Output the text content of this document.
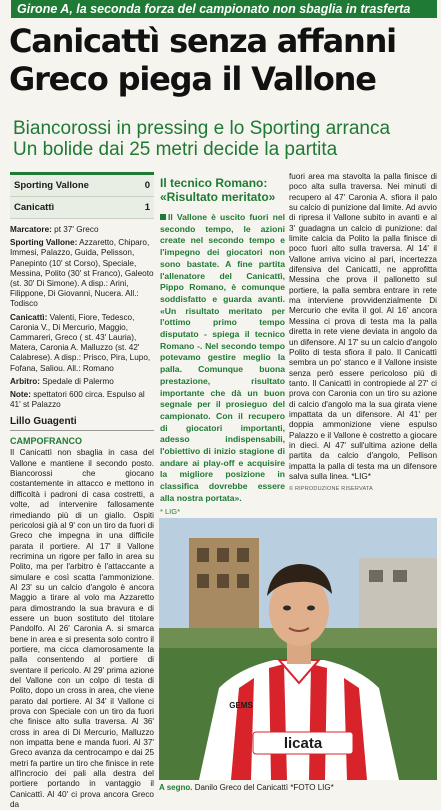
Girone A, la seconda forza del campionato non sbaglia in trasferta
Canicattì senza affanni
Greco piega il Vallone
Biancorossi in pressing e lo Sporting arranca
Un bolide dai 25 metri decide la partita
Sporting Vallone	0
Canicattì	1

Marcatore: pt 37' Greco

Sporting Vallone: Azzaretto, Chiparo, Immesi, Palazzo, Guida, Pelisson, Panepinto (10' st Corso), Speciale, Messina, Polito (30' st Franco), Galeoto (st. 30' Di Simone). A disp.: Arini, Filippone, Di Giovanni, Nucera. All.: Todisco

Canicattì: Valenti, Fiore, Tedesco, Caronia V., Di Mercurio, Maggio, Cammareri, Greco ( st. 43' Lauria), Matera, Caronia A. Malluzzo (st. 42' Calabrese). A disp.: Prisco, Pira, Lupo, Fofana, Saliou. All.: Romano

Arbitro: Spedale di Palermo

Note: spettatori 600 circa. Espulso al 41' st Palazzo

Lillo Guagenti
CAMPOFRANCO
Il Canicattì non sbaglia in casa del Vallone e mantiene il secondo posto. Biancorossi che giocano costantemente in attacco e mettono in difficoltà i padroni di casa costretti, a volte, ad intervenire fallosamente rimediando più di un giallo. Ospiti pericolosi già al 9' con un tiro da fuori di Greco che impegna in una difficile parata il portiere. Al 17' il Vallone recrimina un rigore per fallo in area su Polito, ma per l'arbitro è l'attaccante a simulare e così scatta l'ammonizione. Al 23' su un calcio d'angolo è ancora Maggio a tirare al volo ma Azzaretto para dimostrando la sua bravura e di essere un buon sostituto del titolare Pandolfo. Al 26' Caronia A. si smarca bene in area e si presenta solo contro il portiere, ma cicca clamorosamente la palla consentendo al portiere di sventare il pericolo. Al 29' prima azione del Vallone con un colpo di testa di Polito, dopo un cross in area, che viene parato dal portiere. Al 34' il Vallone ci prova con Speciale con un tiro da fuori che finisce alto sulla traversa. Al 36' cross in area di Di Mercurio, Malluzzo non impatta bene e manda fuori. Al 37' Greco avanza da centrocampo e dai 25 metri fa partire un tiro che finisce in rete all'incrocio dei pali alla destra del portiere portando in vantaggio il Canicattì. Al 40' ci prova ancora Greco da
Il tecnico Romano:
«Risultato meritato»
Il Vallone è uscito fuori nel secondo tempo, le azioni create nel secondo tempo e l'impegno dei giocatori non sono bastate. A fine partita l'allenatore del Canicattì, Pippo Romano, è comunque soddisfatto e guarda avanti. «Un risultato meritato per l'ottimo primo tempo disputato - spiega il tecnico Romano -. Nel secondo tempo potevamo gestire meglio la palla. Comunque buona prestazione, risultato importante che dà un buon segnale per il prosieguo del campionato. Con il recupero di giocatori importanti, adesso indispensabili, l'obiettivo di inizio stagione di andare ai play-off e acquisire la migliore posizione in classifica dovrebbe essere alla nostra portata».
* LIG*
fuori area ma stavolta la palla finisce di poco alta sulla traversa. Nei minuti di recupero al 47' Caronia A. sfiora il palo su calcio di punizione dal limite. Ad avvio di ripresa il Vallone subito in avanti e al 3' guadagna un calcio di punizione: dal limite calcia da Polito la palla finisce di poco fuori alto sulla traversa. Al 14' il Vallone arriva vicino al pari, incertezza difensiva del Canicattì, ne approfitta Messina che prova il pallonetto sul portiere, la palla sembra entrare in rete ma interviene provvidenzialmente Di Mercurio che evita il gol. Al 16' ancora Messina ci prova di testa ma la palla diretta in rete viene deviata in angolo da un difensore. Al 17' su un calcio d'angolo Polito di testa sfiora il palo. Il Canicattì sembra un po' stanco e il Vallone insiste senza però essere pericoloso più di tanto. Il Canicattì in contropiede al 27' ci prova con Caronia con un tiro su azione di calcio d'angolo ma la sua girata viene impattata da un difensore. Al 41' per doppia ammonizione viene espulso Palazzo e il Vallone è costretto a giocare in dieci. Al 47' sull'ultima azione della partita da calcio d'angolo, Pellison impatta la palla di testa ma un difensore salva sulla linea. *LIG*
© RIPRODUZIONE RISERVATA
licata
GEMS
A segno. Danilo Greco del Canicattì *FOTO LIG*
